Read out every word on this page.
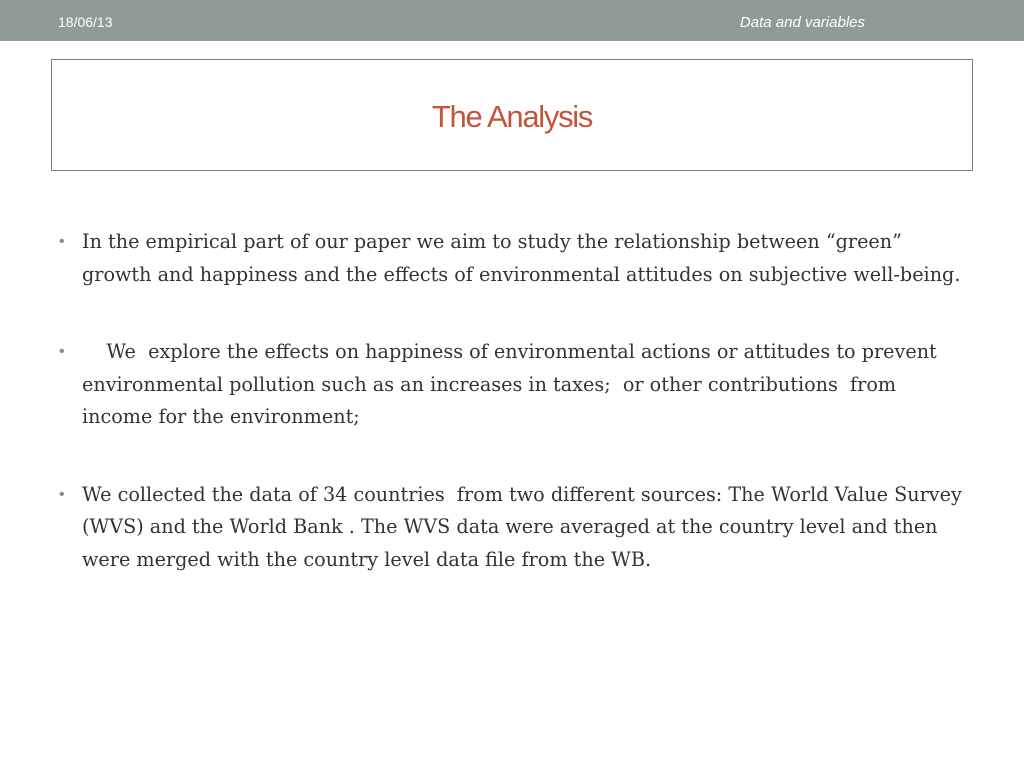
18/06/13	Data and variables
The Analysis
• In the empirical part of our paper we aim to study the relationship between “green” growth and happiness and the effects of environmental attitudes on subjective well-being.
• We  explore the effects on happiness of environmental actions or attitudes to prevent environmental pollution such as an increases in taxes;  or other contributions  from income for the environment;
• We collected the data of 34 countries  from two different sources: The World Value Survey (WVS) and the World Bank . The WVS data were averaged at the country level and then were merged with the country level data file from the WB.
